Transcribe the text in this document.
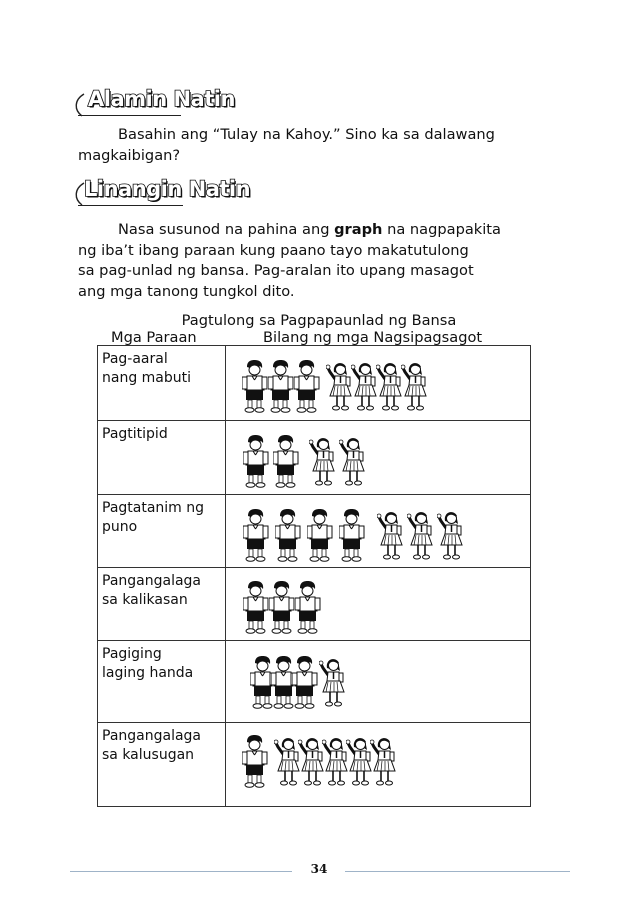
Alamin Natin

Basahin ang “Tulay na Kahoy.” Sino ka sa dalawang
magkaibigan?

Linangin Natin

Nasa susunod na pahina ang graph na nagpapakita
ng iba’t ibang paraan kung paano tayo makatutulong
sa pag-unlad ng bansa. Pag-aralan ito upang masagot
ang mga tanong tungkol dito.

Pagtulong sa Pagpapaunlad ng Bansa
Mga Paraan	Bilang ng mga Nagsipagsagot
Pag-aaral
nang mabuti

Pagtitipid

Pagtatanim ng
puno

Pangangalaga
sa kalikasan

Pagiging
laging handa

Pangangalaga
sa kalusugan

34
